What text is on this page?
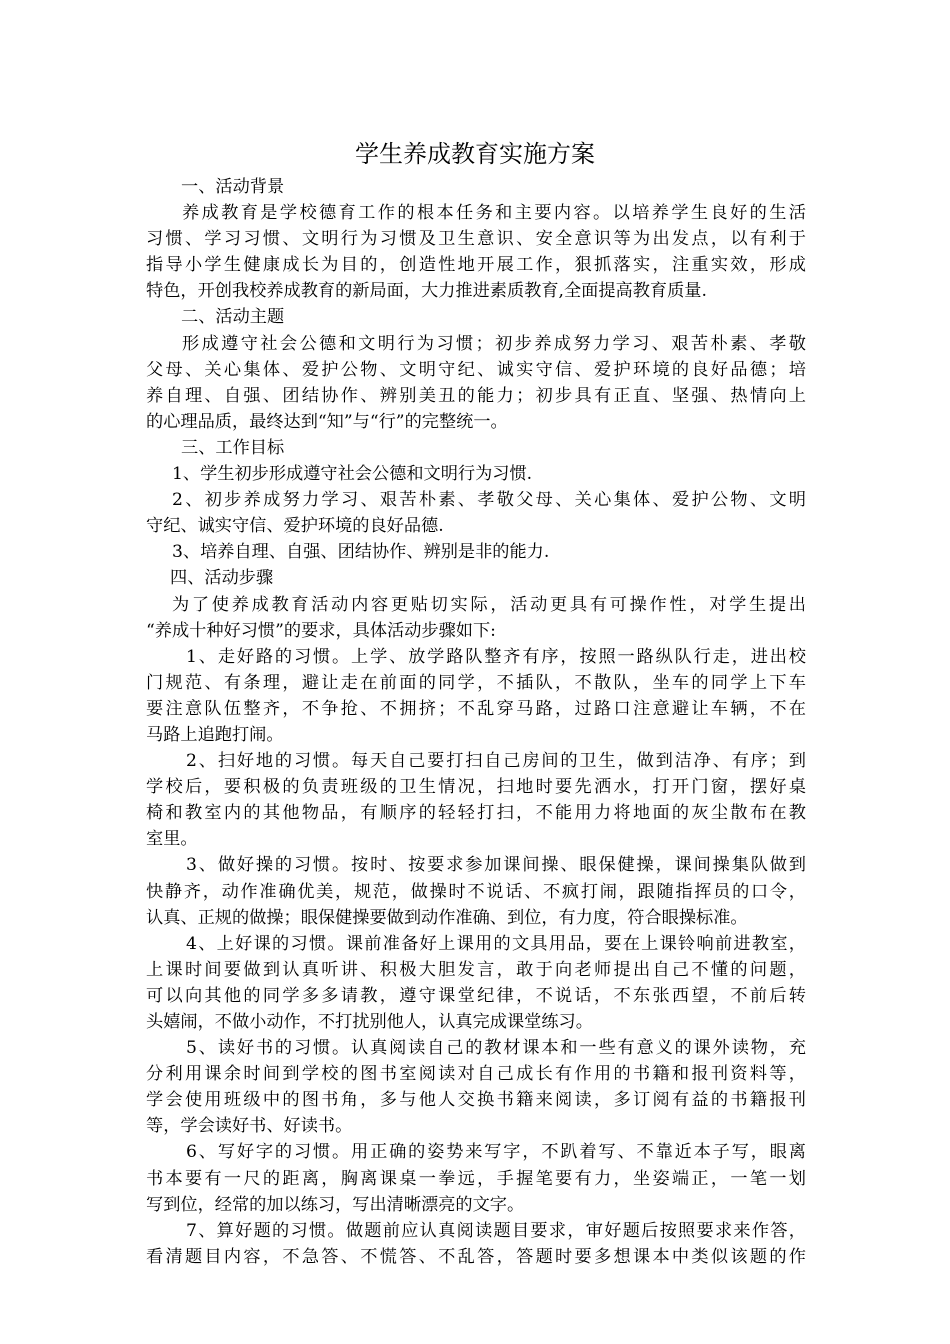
学生养成教育实施方案
一、活动背景
养成教育是学校德育工作的根本任务和主要内容。以培养学生良好的生活
习惯、学习习惯、文明行为习惯及卫生意识、安全意识等为出发点，以有利于
指导小学生健康成长为目的，创造性地开展工作，狠抓落实，注重实效，形成
特色，开创我校养成教育的新局面，大力推进素质教育,全面提高教育质量.
二、活动主题
形成遵守社会公德和文明行为习惯；初步养成努力学习、艰苦朴素、孝敬
父母、关心集体、爱护公物、文明守纪、诚实守信、爱护环境的良好品德；培
养自理、自强、团结协作、辨别美丑的能力；初步具有正直、坚强、热情向上
的心理品质，最终达到“知”与“行”的完整统一。
三、工作目标
1、学生初步形成遵守社会公德和文明行为习惯.
2、初步养成努力学习、艰苦朴素、孝敬父母、关心集体、爱护公物、文明
守纪、诚实守信、爱护环境的良好品德.
3、培养自理、自强、团结协作、辨别是非的能力.
四、活动步骤
为了使养成教育活动内容更贴切实际，活动更具有可操作性，对学生提出
“养成十种好习惯”的要求，具体活动步骤如下:
1、走好路的习惯。上学、放学路队整齐有序，按照一路纵队行走，进出校
门规范、有条理，避让走在前面的同学，不插队，不散队，坐车的同学上下车
要注意队伍整齐，不争抢、不拥挤；不乱穿马路，过路口注意避让车辆，不在
马路上追跑打闹。
2、扫好地的习惯。每天自己要打扫自己房间的卫生，做到洁净、有序；到
学校后，要积极的负责班级的卫生情况，扫地时要先洒水，打开门窗，摆好桌
椅和教室内的其他物品，有顺序的轻轻打扫，不能用力将地面的灰尘散布在教
室里。
3、做好操的习惯。按时、按要求参加课间操、眼保健操，课间操集队做到
快静齐，动作准确优美，规范，做操时不说话、不疯打闹，跟随指挥员的口令，
认真、正规的做操；眼保健操要做到动作准确、到位，有力度，符合眼操标准。
4、上好课的习惯。课前准备好上课用的文具用品，要在上课铃响前进教室，
上课时间要做到认真听讲、积极大胆发言，敢于向老师提出自己不懂的问题，
可以向其他的同学多多请教，遵守课堂纪律，不说话，不东张西望，不前后转
头嬉闹，不做小动作，不打扰别他人，认真完成课堂练习。
5、读好书的习惯。认真阅读自己的教材课本和一些有意义的课外读物，充
分利用课余时间到学校的图书室阅读对自己成长有作用的书籍和报刊资料等，
学会使用班级中的图书角，多与他人交换书籍来阅读，多订阅有益的书籍报刊
等，学会读好书、好读书。
6、写好字的习惯。用正确的姿势来写字，不趴着写、不靠近本子写，眼离
书本要有一尺的距离，胸离课桌一拳远，手握笔要有力，坐姿端正，一笔一划
写到位，经常的加以练习，写出清晰漂亮的文字。
7、算好题的习惯。做题前应认真阅读题目要求，审好题后按照要求来作答，
看清题目内容，不急答、不慌答、不乱答，答题时要多想课本中类似该题的作
